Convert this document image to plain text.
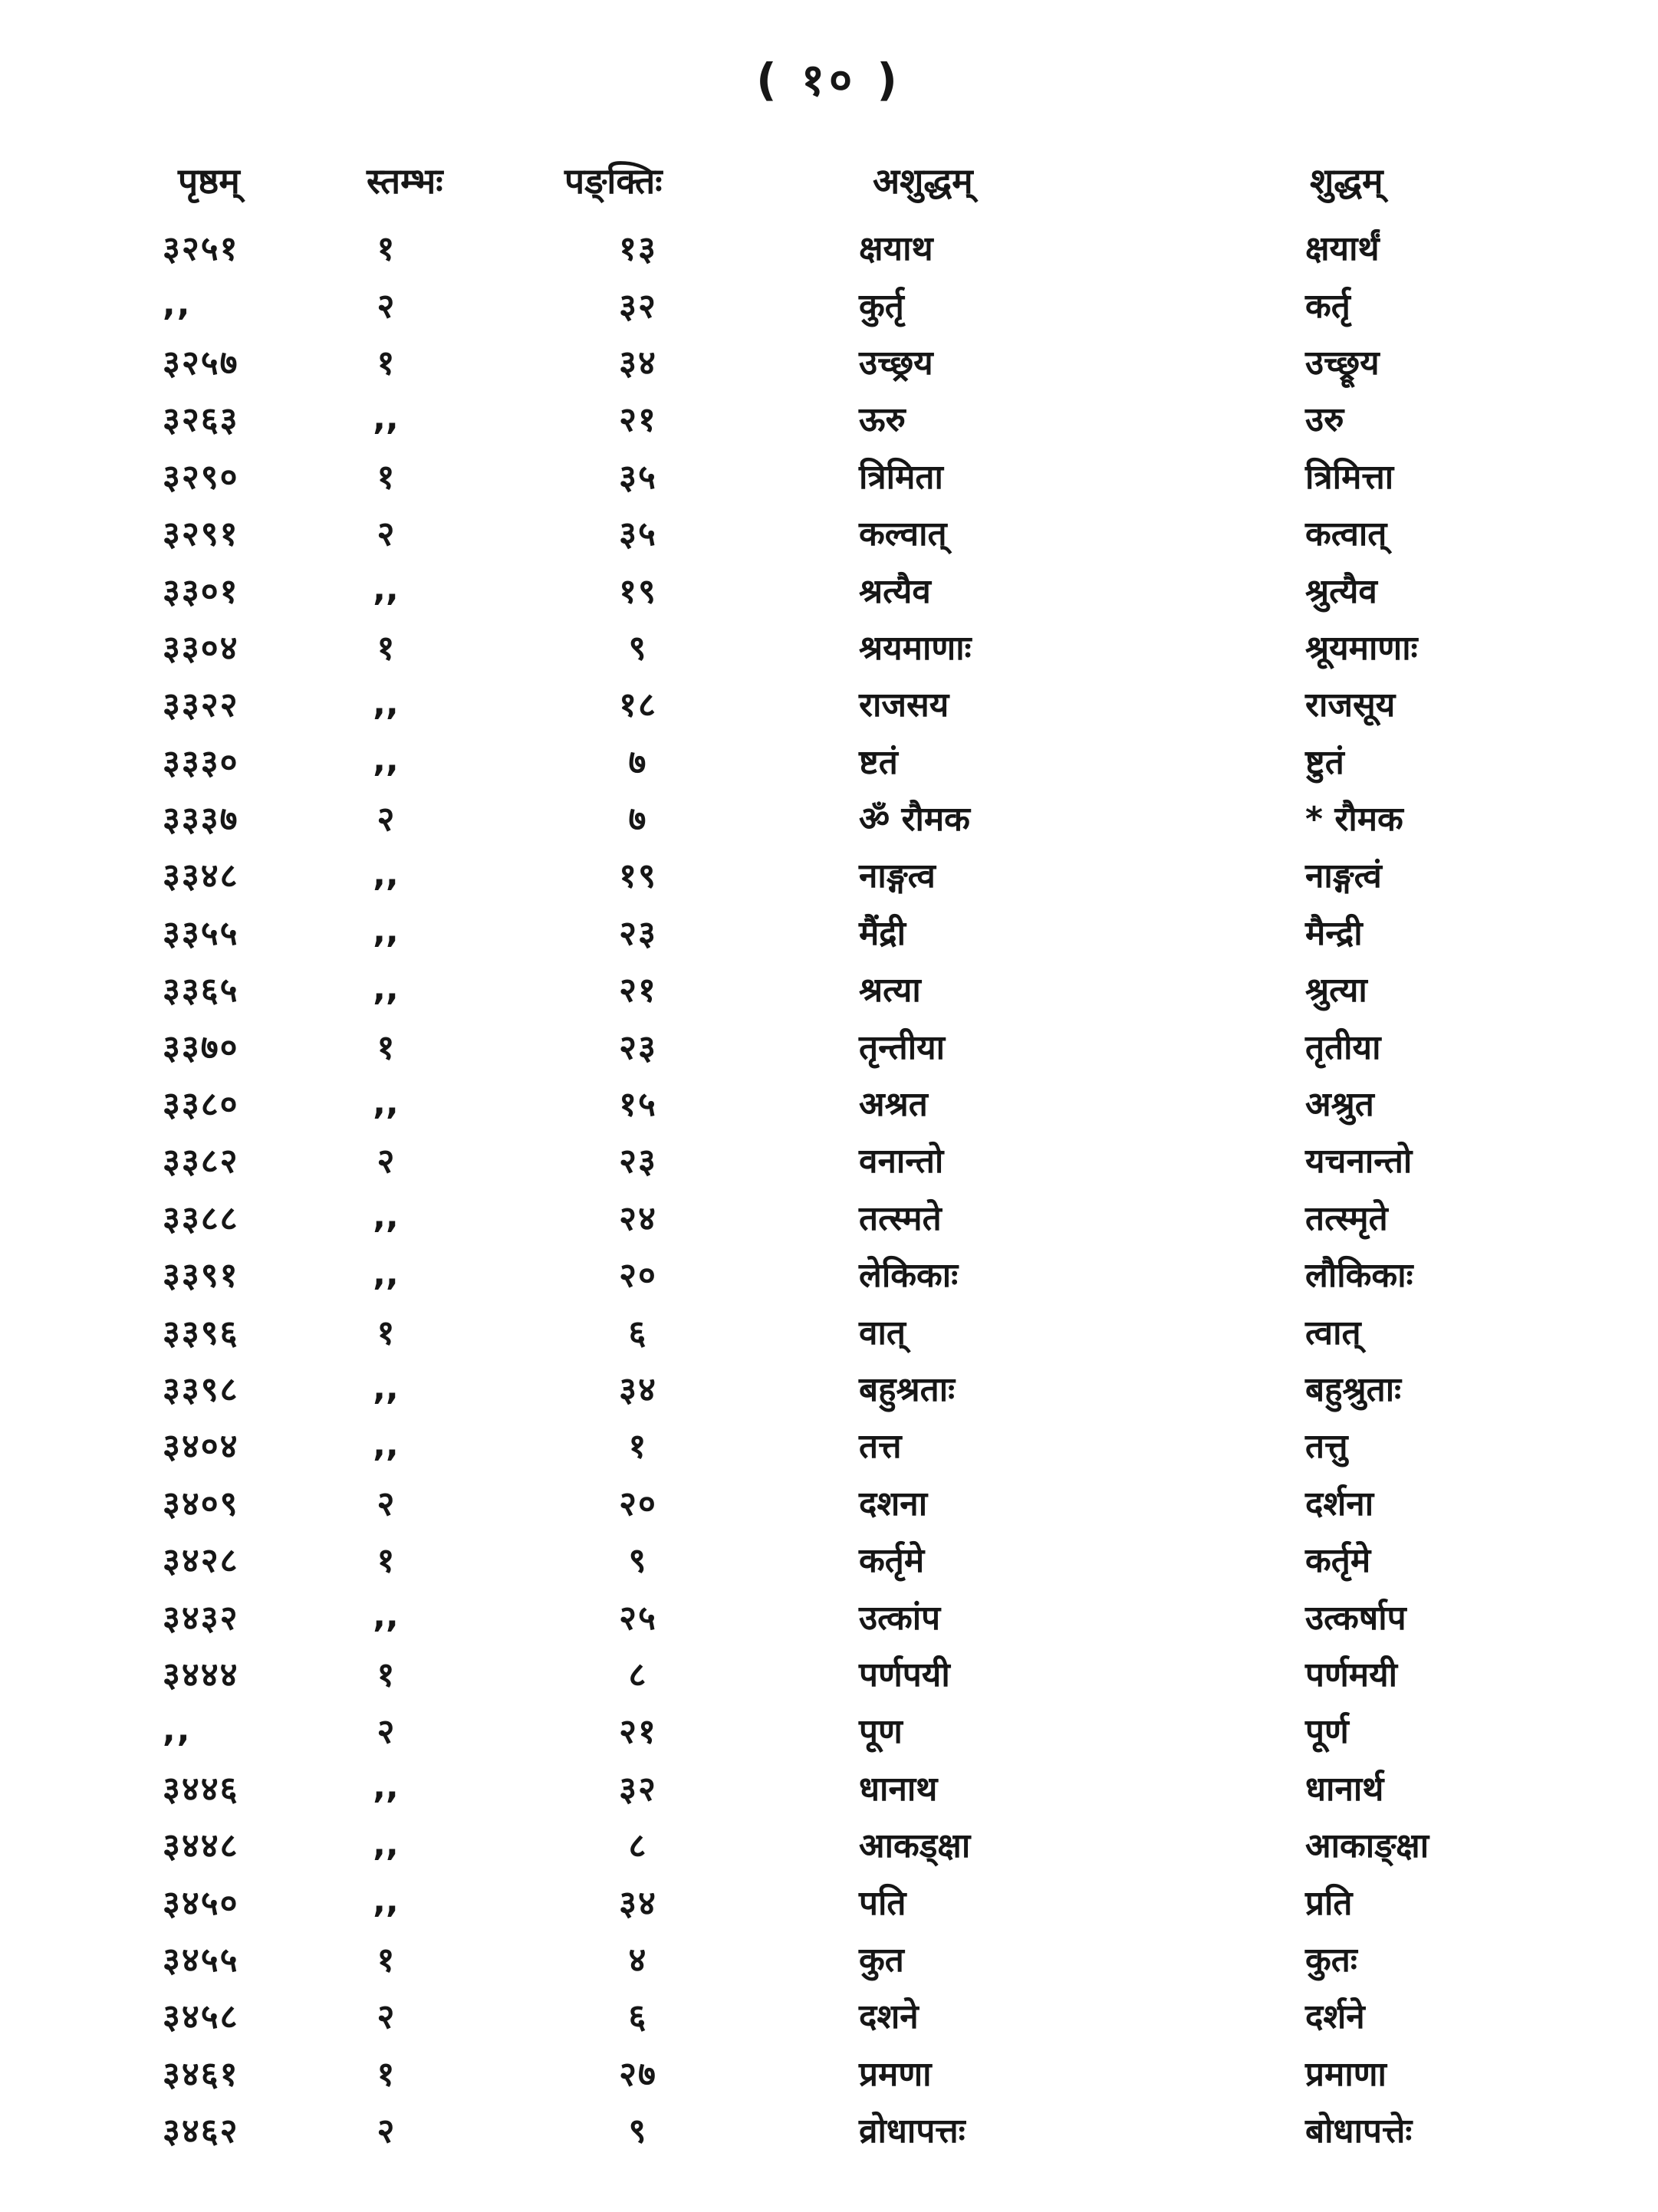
( १० )
पृष्ठम्	स्तम्भः	पङ्क्तिः	अशुद्धम्	शुद्धम्
३२५१	१	१३	क्षयाथ	क्षयार्थं
,,	२	३२	कुर्तृ	कर्तृ
३२५७	१	३४	उच्छ्रय	उच्छ्रूय
३२६३	,,	२१	ऊरु	उरु
३२९०	१	३५	त्रिमिता	त्रिमित्ता
३२९१	२	३५	कल्वात्	कत्वात्
३३०१	,,	१९	श्रत्यैव	श्रुत्यैव
३३०४	१	९	श्रयमाणाः	श्रूयमाणाः
३३२२	,,	१८	राजसय	राजसूय
३३३०	,,	७	ष्टतं	ष्टुतं
३३३७	२	७	ॐ रौमक	* रौमक
३३४८	,,	१९	नाङ्गत्व	नाङ्गत्वं
३३५५	,,	२३	मैंद्री	मैन्द्री
३३६५	,,	२१	श्रत्या	श्रुत्या
३३७०	१	२३	तृन्तीया	तृतीया
३३८०	,,	१५	अश्रत	अश्रुत
३३८२	२	२३	वनान्तो	यचनान्तो
३३८८	,,	२४	तत्स्मते	तत्स्मृते
३३९१	,,	२०	लेकिकाः	लौकिकाः
३३९६	१	६	वात्	त्वात्
३३९८	,,	३४	बहुश्रताः	बहुश्रुताः
३४०४	,,	१	तत्त	तत्तु
३४०९	२	२०	दशना	दर्शना
३४२८	१	९	कर्तृमे	कर्तृमे
३४३२	,,	२५	उत्कांप	उत्कर्षाप
३४४४	१	८	पर्णपयी	पर्णमयी
,,	२	२१	पूण	पूर्ण
३४४६	,,	३२	धानाथ	धानार्थ
३४४८	,,	८	आकड्क्षा	आकाङ्क्षा
३४५०	,,	३४	पति	प्रति
३४५५	१	४	कुत	कुतः
३४५८	२	६	दशने	दर्शने
३४६१	१	२७	प्रमणा	प्रमाणा
३४६२	२	९	व्रोधापत्तः	बोधापत्तेः
